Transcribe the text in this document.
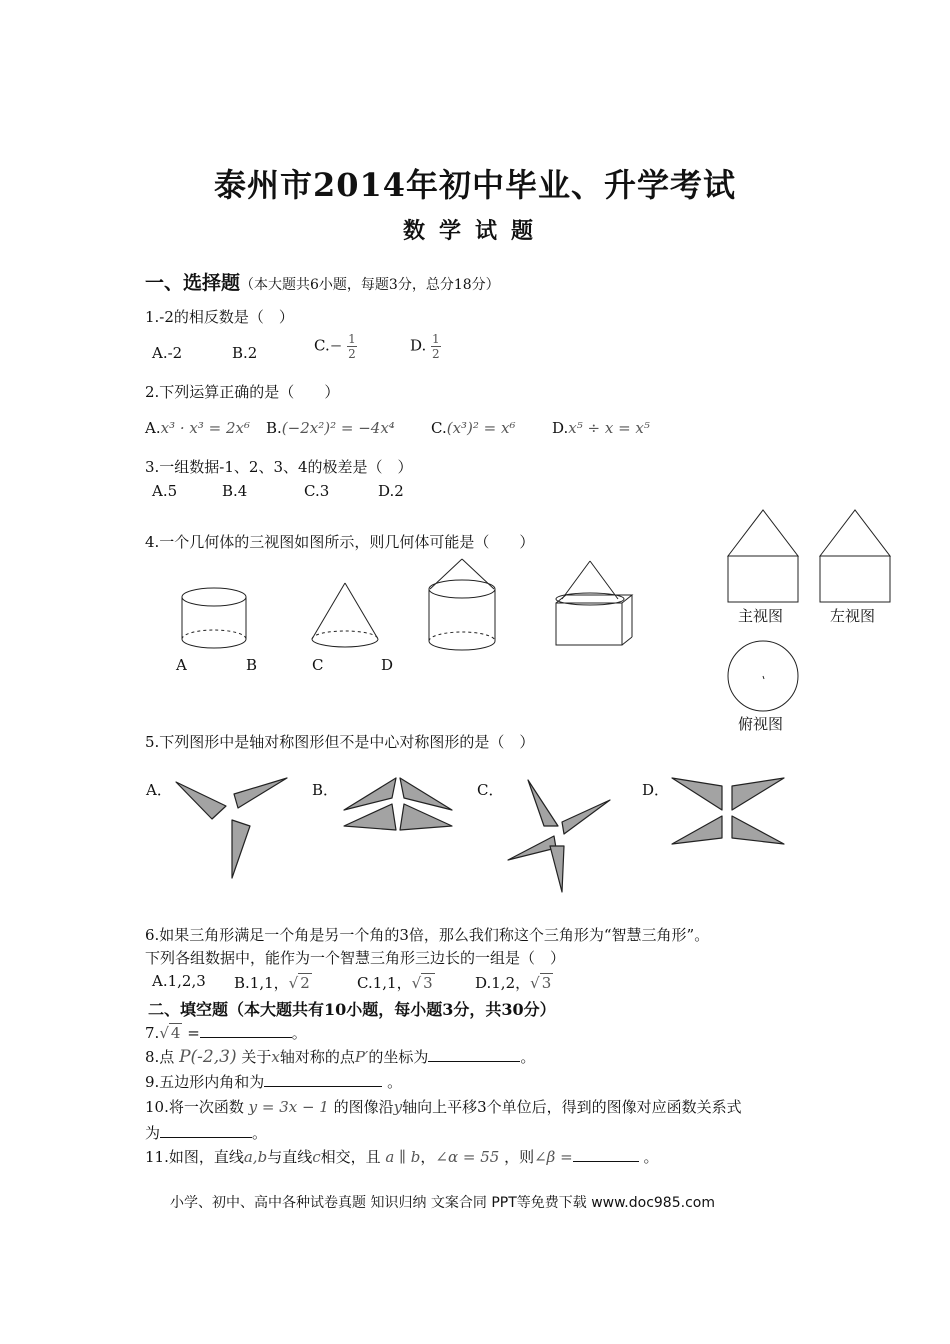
泰州市2014年初中毕业、升学考试
数学试题
一、选择题（本大题共6小题，每题3分，总分18分）
1.-2的相反数是（　）
A.-2	B.2	$C.- \frac{1}{2}$	D. $\frac{1}{2}$
2.下列运算正确的是（　　）
A.x³ · x³ = 2x⁶ B.(−2x²)² = −4x⁴ C.(x³)² = x⁶ D.x⁵ ÷ x = x⁵
3.一组数据-1、2、3、4的极差是（　）
A.5	B.4	C.3	D.2
4.一个几何体的三视图如图所示，则几何体可能是（　　）
A	B	C	D
主视图	左视图
俯视图
5.下列图形中是轴对称图形但不是中心对称图形的是（　）
A．	B．	C．	D．
6.如果三角形满足一个角是另一个角的3倍，那么我们称这个三角形为“智慧三角形”。
下列各组数据中，能作为一个智慧三角形三边长的一组是（　）
A.1,2,3 B.1,1，√ 2	C.1,1，√ 3	D.1,2，√ 3
二、填空题（本大题共有10小题，每小题3分，共30分）
7.√ 4 =	。
8.点 P(-2,3) 关于x轴对称的点P′的坐标为	。
9.五边形内角和为	。
10.将一次函数 y = 3x − 1 的图像沿y轴向上平移3个单位后，得到的图像对应函数关系式
为	。
11.如图，直线a,b与直线c相交，且 a ∥ b，∠α = 55 ，则∠β =	。
小学、初中、高中各种试卷真题 知识归纳 文案合同 PPT等免费下载 www.doc985.com
